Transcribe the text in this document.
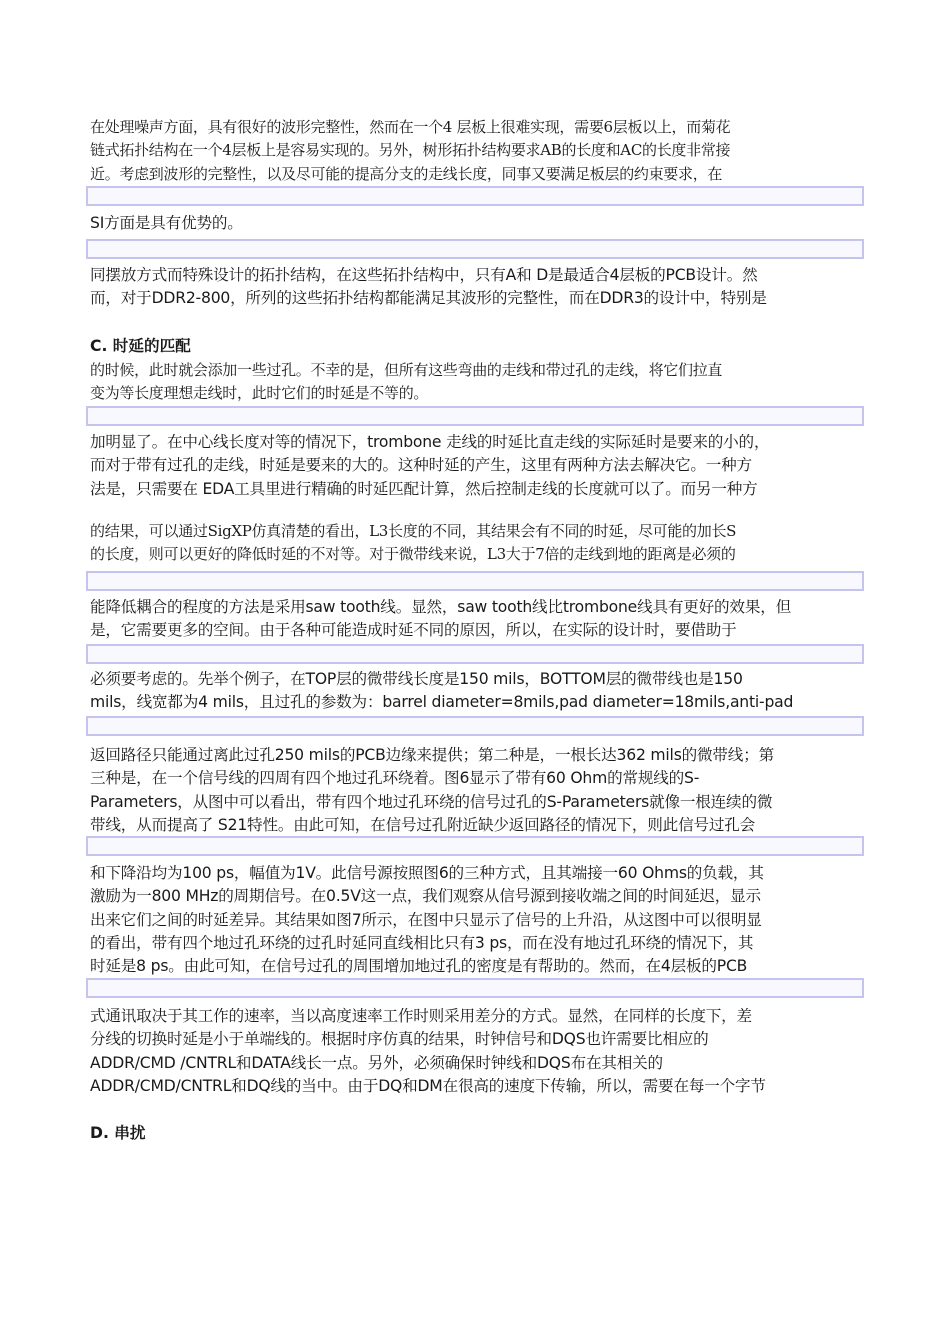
在处理噪声方面，具有很好的波形完整性，然而在一个4 层板上很难实现，需要6层板以上，而菊花
链式拓扑结构在一个4层板上是容易实现的。另外，树形拓扑结构要求AB的长度和AC的长度非常接
近。考虑到波形的完整性，以及尽可能的提高分支的走线长度，同事又要满足板层的约束要求，在
SI方面是具有优势的。
同摆放方式而特殊设计的拓扑结构，在这些拓扑结构中，只有A和 D是最适合4层板的PCB设计。然
而，对于DDR2-800，所列的这些拓扑结构都能满足其波形的完整性，而在DDR3的设计中，特别是
C. 时延的匹配
的时候，此时就会添加一些过孔。不幸的是，但所有这些弯曲的走线和带过孔的走线，将它们拉直
变为等长度理想走线时，此时它们的时延是不等的。
加明显了。在中心线长度对等的情况下，trombone 走线的时延比直走线的实际延时是要来的小的，
而对于带有过孔的走线，时延是要来的大的。这种时延的产生，这里有两种方法去解决它。一种方
法是，只需要在 EDA工具里进行精确的时延匹配计算，然后控制走线的长度就可以了。而另一种方
的结果，可以通过SigXP仿真清楚的看出，L3长度的不同，其结果会有不同的时延，尽可能的加长S
的长度，则可以更好的降低时延的不对等。对于微带线来说，L3大于7倍的走线到地的距离是必须的
能降低耦合的程度的方法是采用saw tooth线。显然，saw tooth线比trombone线具有更好的效果，但
是，它需要更多的空间。由于各种可能造成时延不同的原因，所以，在实际的设计时，要借助于
必须要考虑的。先举个例子，在TOP层的微带线长度是150 mils，BOTTOM层的微带线也是150
mils，线宽都为4 mils，且过孔的参数为：barrel diameter=8mils,pad diameter=18mils,anti-pad
返回路径只能通过离此过孔250 mils的PCB边缘来提供；第二种是，一根长达362 mils的微带线；第
三种是，在一个信号线的四周有四个地过孔环绕着。图6显示了带有60 Ohm的常规线的S-
Parameters，从图中可以看出，带有四个地过孔环绕的信号过孔的S-Parameters就像一根连续的微
带线，从而提高了 S21特性。由此可知，在信号过孔附近缺少返回路径的情况下，则此信号过孔会
和下降沿均为100 ps，幅值为1V。此信号源按照图6的三种方式，且其端接一60 Ohms的负载，其
激励为一800 MHz的周期信号。在0.5V这一点，我们观察从信号源到接收端之间的时间延迟，显示
出来它们之间的时延差异。其结果如图7所示，在图中只显示了信号的上升沿，从这图中可以很明显
的看出，带有四个地过孔环绕的过孔时延同直线相比只有3 ps，而在没有地过孔环绕的情况下，其
时延是8 ps。由此可知，在信号过孔的周围增加地过孔的密度是有帮助的。然而，在4层板的PCB
式通讯取决于其工作的速率，当以高度速率工作时则采用差分的方式。显然，在同样的长度下，差
分线的切换时延是小于单端线的。根据时序仿真的结果，时钟信号和DQS也许需要比相应的
ADDR/CMD /CNTRL和DATA线长一点。另外，必须确保时钟线和DQS布在其相关的
ADDR/CMD/CNTRL和DQ线的当中。由于DQ和DM在很高的速度下传输，所以，需要在每一个字节
D. 串扰
